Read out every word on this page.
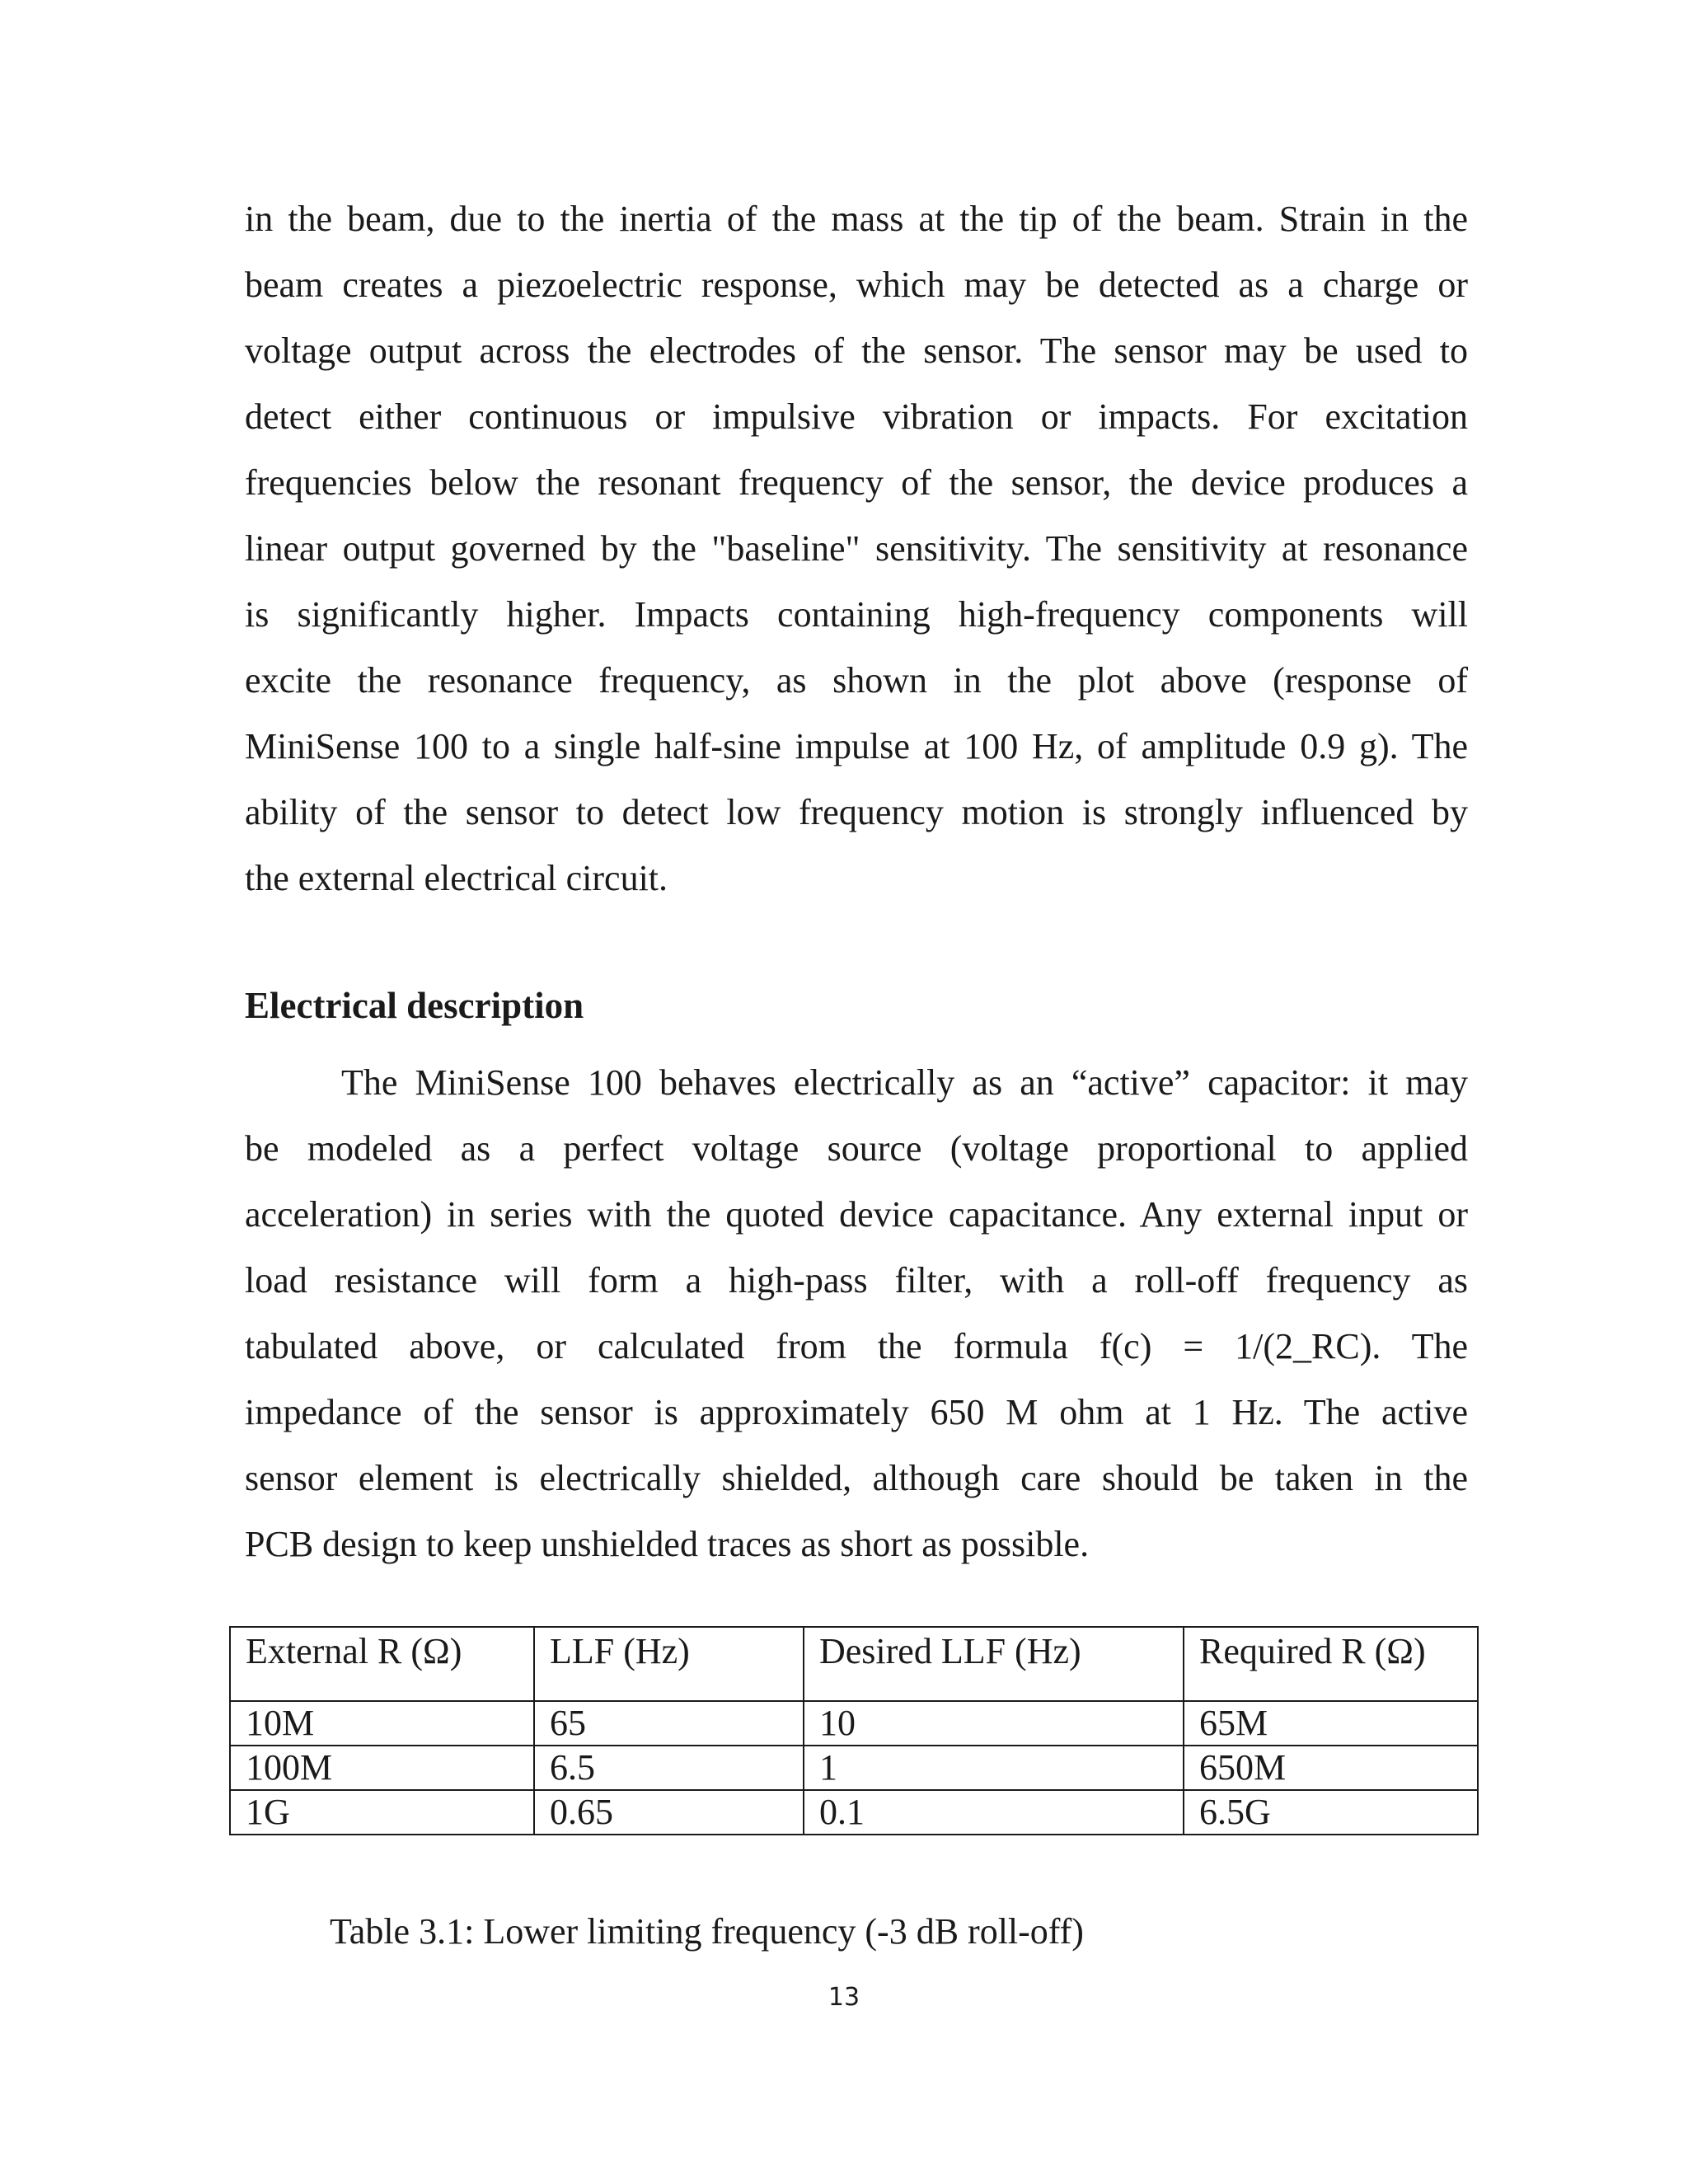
in the beam, due to the inertia of the mass at the tip of the beam. Strain in the
beam creates a piezoelectric response, which may be detected as a charge or
voltage output across the electrodes of the sensor. The sensor may be used to
detect either continuous or impulsive vibration or impacts. For excitation
frequencies below the resonant frequency of the sensor, the device produces a
linear output governed by the "baseline" sensitivity. The sensitivity at resonance
is significantly higher. Impacts containing high-frequency components will
excite the resonance frequency, as shown in the plot above (response of
MiniSense 100 to a single half-sine impulse at 100 Hz, of amplitude 0.9 g). The
ability of the sensor to detect low frequency motion is strongly influenced by
the external electrical circuit.
Electrical description
The MiniSense 100 behaves electrically as an “active” capacitor: it may
be modeled as a perfect voltage source (voltage proportional to applied
acceleration) in series with the quoted device capacitance. Any external input or
load resistance will form a high-pass filter, with a roll-off frequency as
tabulated above, or calculated from the formula f(c) = 1/(2_RC). The
impedance of the sensor is approximately 650 M ohm at 1 Hz. The active
sensor element is electrically shielded, although care should be taken in the
PCB design to keep unshielded traces as short as possible.
External R (Ω)	LLF (Hz)	Desired LLF (Hz)	Required R (Ω)
10M	65	10	65M
100M	6.5	1	650M
1G	0.65	0.1	6.5G
Table 3.1: Lower limiting frequency (-3 dB roll-off)
13
